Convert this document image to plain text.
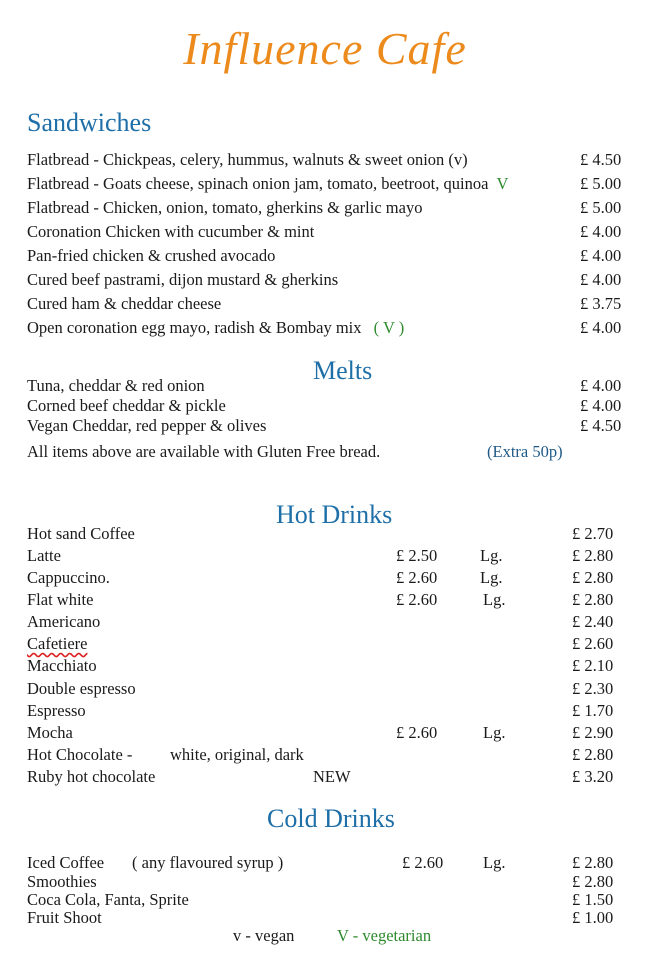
Influence Cafe
Sandwiches
Flatbread - Chickpeas, celery, hummus, walnuts & sweet onion (v)	£ 4.50
Flatbread - Goats cheese, spinach onion jam, tomato, beetroot, quinoa V	£ 5.00
Flatbread - Chicken, onion, tomato, gherkins & garlic mayo	£ 5.00
Coronation Chicken with cucumber & mint	£ 4.00
Pan-fried chicken & crushed avocado	£ 4.00
Cured beef pastrami, dijon mustard & gherkins	£ 4.00
Cured ham & cheddar cheese	£ 3.75
Open coronation egg mayo, radish & Bombay mix ( V )	£ 4.00
Melts
Tuna, cheddar & red onion	£ 4.00
Corned beef cheddar & pickle	£ 4.00
Vegan Cheddar, red pepper & olives	£ 4.50
All items above are available with Gluten Free bread.	(Extra 50p)
Hot Drinks
Hot sand Coffee	£ 2.70
Latte	£ 2.50	Lg.	£ 2.80
Cappuccino.	£ 2.60	Lg.	£ 2.80
Flat white	£ 2.60	Lg.	£ 2.80
Americano	£ 2.40
Cafetiere	£ 2.60
Macchiato	£ 2.10
Double espresso	£ 2.30
Espresso	£ 1.70
Mocha	£ 2.60	Lg.	£ 2.90
Hot Chocolate - white, original, dark	£ 2.80
Ruby hot chocolate	NEW	£ 3.20
Cold Drinks
Iced Coffee ( any flavoured syrup )	£ 2.60 Lg.	£ 2.80
Smoothies	£ 2.80
Coca Cola, Fanta, Sprite	£ 1.50
Fruit Shoot	£ 1.00
v - vegan	V - vegetarian
